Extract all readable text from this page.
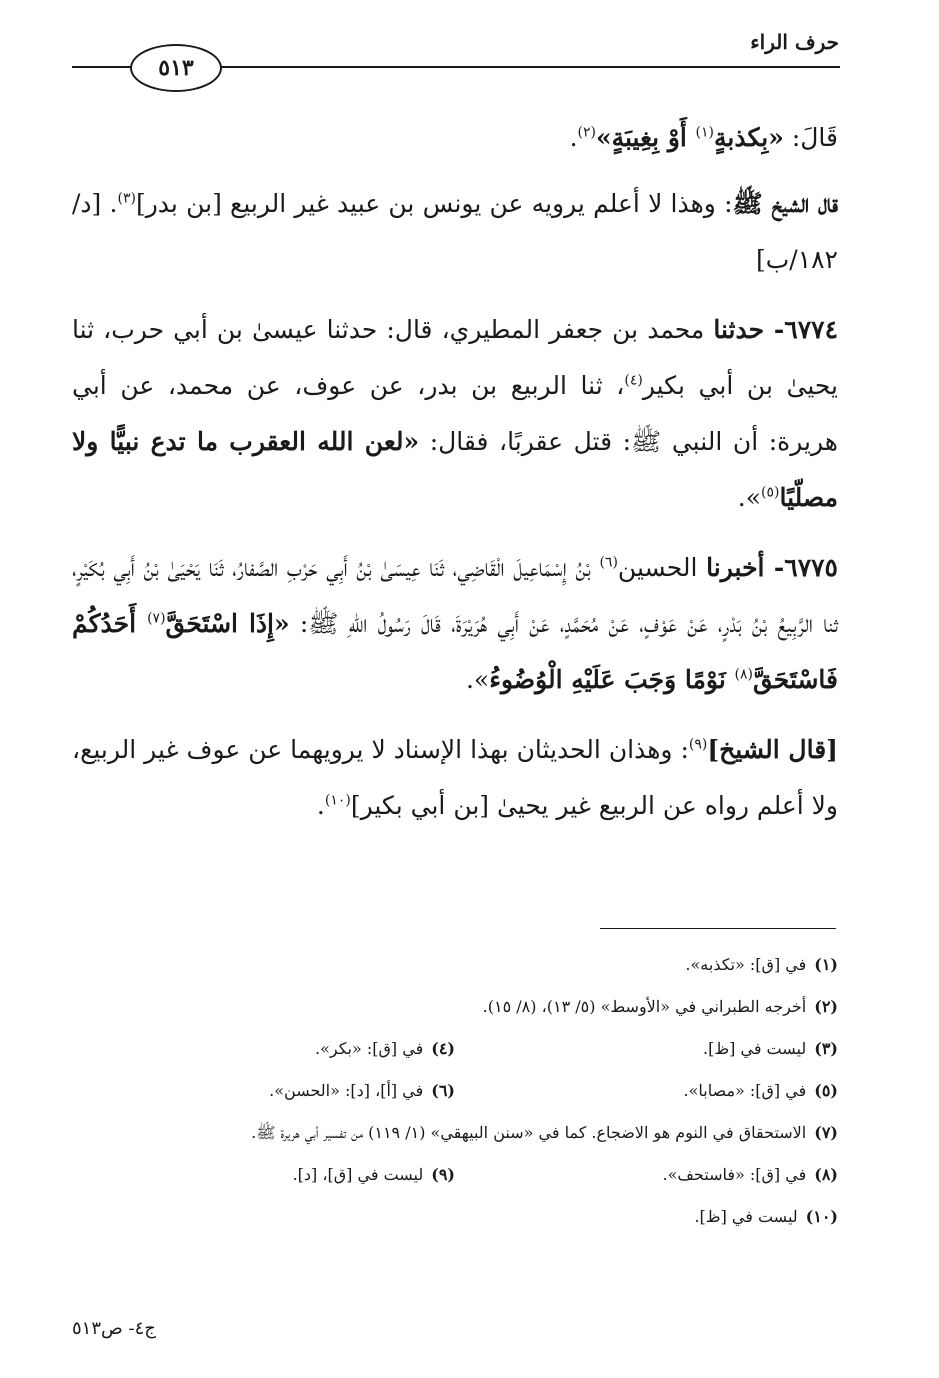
حرف الراء
٥١٣

قَالَ: «بِكذبةٍ$^{(١)}$ أَوْ بِغِيبَةٍ»$^{(٢)}$.

قال الشيخ ﷺ: وهذا لا أعلم يرويه عن يونس بن عبيد غير الربيع [بن بدر]$^{(٣)}$. [د/١٨٢/ب]

٦٧٧٤- حدثنا محمد بن جعفر المطيري، قال: حدثنا عيسىٰ بن أبي حرب، ثنا يحيىٰ بن أبي بكير$^{(٤)}$، ثنا الربيع بن بدر، عن عوف، عن محمد، عن أبي هريرة: أن النبي ﷺ: قتل عقربًا، فقال: «لعن الله العقرب ما تدع نبيًّا ولا مصلّيًا$^{(٥)}$».

٦٧٧٥- أخبرنا الحسين$^{(٦)}$ بْنُ إِسْمَاعِيلَ الْقَاضِي، ثَنَا عِيسَىٰ بْنُ أَبِي حَرْبِ الصَّفارُ، ثَنَا يَحْيَىٰ بْنُ أَبِي بُكَيْرٍ، ثنا الرَّبِيعُ بْنُ بَدْرٍ، عَنْ عَوْفٍ، عَنْ مُحَمَّدٍ، عَنْ أَبِي هُرَيْرَةَ، قَالَ رَسُولُ اللهِ ﷺ: «إِذَا اسْتَحَقَّ$^{(٧)}$ أَحَدُكُمْ فَاسْتَحَقَّ$^{(٨)}$ نَوْمًا وَجَبَ عَلَيْهِ الْوُضُوءُ».

[قال الشيخ]$^{(٩)}$: وهذان الحديثان بهذا الإسناد لا يرويهما عن عوف غير الربيع، ولا أعلم رواه عن الربيع غير يحيىٰ [بن أبي بكير]$^{(١٠)}$.

(١)في [ق]: «تكذبه».
(٢)أخرجه الطبراني في «الأوسط» (٥/ ١٣)، (٨/ ١٥).
(٣)ليست في [ظ].
(٤)في [ق]: «بكر».
(٥)في [ق]: «مصابا».
(٦)في [أ]، [د]: «الحسن».
(٧)الاستحقاق في النوم هو الاضجاع. كما في «سنن البيهقي» (١/ ١١٩) من تفسير أبي هريرة ﷺ.
(٨)في [ق]: «فاستحف».
(٩)ليست في [ق]، [د].
(١٠)ليست في [ظ].
ج٤- ص٥١٣
